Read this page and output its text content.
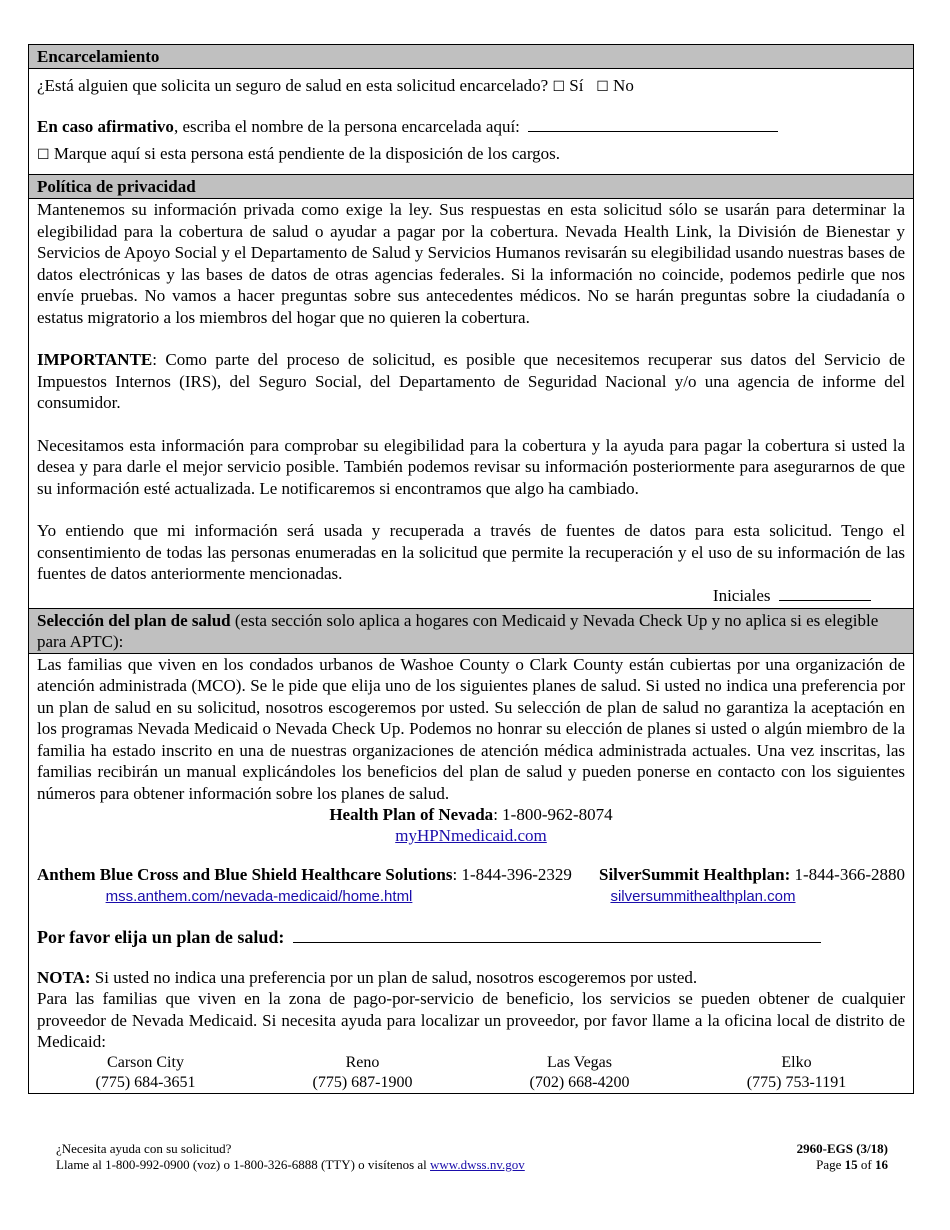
Encarcelamiento
¿Está alguien que solicita un seguro de salud en esta solicitud encarcelado? ☐ Sí ☐ No
En caso afirmativo, escriba el nombre de la persona encarcelada aquí:
☐ Marque aquí si esta persona está pendiente de la disposición de los cargos.
Política de privacidad
Mantenemos su información privada como exige la ley. Sus respuestas en esta solicitud sólo se usarán para determinar la elegibilidad para la cobertura de salud o ayudar a pagar por la cobertura. Nevada Health Link, la División de Bienestar y Servicios de Apoyo Social y el Departamento de Salud y Servicios Humanos revisarán su elegibilidad usando nuestras bases de datos electrónicas y las bases de datos de otras agencias federales. Si la información no coincide, podemos pedirle que nos envíe pruebas. No vamos a hacer preguntas sobre sus antecedentes médicos. No se harán preguntas sobre la ciudadanía o estatus migratorio a los miembros del hogar que no quieren la cobertura.
IMPORTANTE: Como parte del proceso de solicitud, es posible que necesitemos recuperar sus datos del Servicio de Impuestos Internos (IRS), del Seguro Social, del Departamento de Seguridad Nacional y/o una agencia de informe del consumidor.
Necesitamos esta información para comprobar su elegibilidad para la cobertura y la ayuda para pagar la cobertura si usted la desea y para darle el mejor servicio posible. También podemos revisar su información posteriormente para asegurarnos de que su información esté actualizada. Le notificaremos si encontramos que algo ha cambiado.
Yo entiendo que mi información será usada y recuperada a través de fuentes de datos para esta solicitud. Tengo el consentimiento de todas las personas enumeradas en la solicitud que permite la recuperación y el uso de su información de las fuentes de datos anteriormente mencionadas.
Iniciales
Selección del plan de salud (esta sección solo aplica a hogares con Medicaid y Nevada Check Up y no aplica si es elegible para APTC):
Las familias que viven en los condados urbanos de Washoe County o Clark County están cubiertas por una organización de atención administrada (MCO). Se le pide que elija uno de los siguientes planes de salud. Si usted no indica una preferencia por un plan de salud en su solicitud, nosotros escogeremos por usted. Su selección de plan de salud no garantiza la aceptación en los programas Nevada Medicaid o Nevada Check Up. Podemos no honrar su elección de planes si usted o algún miembro de la familia ha estado inscrito en una de nuestras organizaciones de atención médica administrada actuales. Una vez inscritas, las familias recibirán un manual explicándoles los beneficios del plan de salud y pueden ponerse en contacto con los siguientes números para obtener información sobre los planes de salud.
Health Plan of Nevada: 1-800-962-8074
myHPNmedicaid.com
Anthem Blue Cross and Blue Shield Healthcare Solutions: 1-844-396-2329 SilverSummit Healthplan: 1-844-366-2880
mss.anthem.com/nevada-medicaid/home.html	silversummithealthplan.com
Por favor elija un plan de salud:
NOTA: Si usted no indica una preferencia por un plan de salud, nosotros escogeremos por usted.
Para las familias que viven en la zona de pago-por-servicio de beneficio, los servicios se pueden obtener de cualquier proveedor de Nevada Medicaid. Si necesita ayuda para localizar un proveedor, por favor llame a la oficina local de distrito de Medicaid:
Carson City
(775) 684-3651
Reno
(775) 687-1900
Las Vegas
(702) 668-4200
Elko
(775) 753-1191
¿Necesita ayuda con su solicitud?
Llame al 1-800-992-0900 (voz) o 1-800-326-6888 (TTY) o visítenos al www.dwss.nv.gov
2960-EGS (3/18)
Page 15 of 16
